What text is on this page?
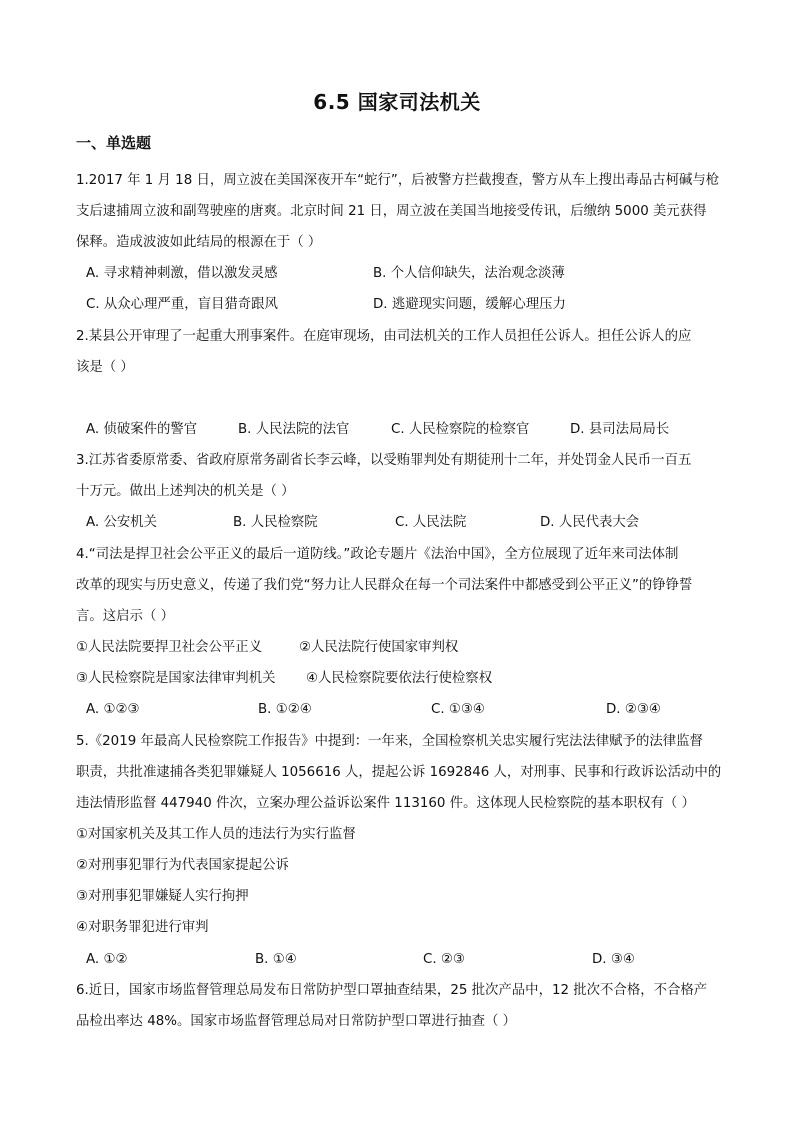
6.5 国家司法机关
一、单选题
1.2017 年 1 月 18 日，周立波在美国深夜开车“蛇行”，后被警方拦截搜查，警方从车上搜出毒品古柯碱与枪
支后逮捕周立波和副驾驶座的唐爽。北京时间 21 日，周立波在美国当地接受传讯，后缴纳 5000 美元获得
保释。造成波波如此结局的根源在于（ ）
A. 寻求精神刺激，借以激发灵感	B. 个人信仰缺失，法治观念淡薄
C. 从众心理严重，盲目猎奇跟风	D. 逃避现实问题，缓解心理压力
2.某县公开审理了一起重大刑事案件。在庭审现场，由司法机关的工作人员担任公诉人。担任公诉人的应
该是（ ）
A. 侦破案件的警官	B. 人民法院的法官	C. 人民检察院的检察官	D. 县司法局局长
3.江苏省委原常委、省政府原常务副省长李云峰，以受贿罪判处有期徒刑十二年，并处罚金人民币一百五
十万元。做出上述判决的机关是（ ）
A. 公安机关	B. 人民检察院	C. 人民法院	D. 人民代表大会
4.“司法是捍卫社会公平正义的最后一道防线。”政论专题片《法治中国》，全方位展现了近年来司法体制
改革的现实与历史意义，传递了我们党“努力让人民群众在每一个司法案件中都感受到公平正义”的铮铮誓
言。这启示（ ）
①人民法院要捍卫社会公平正义	②人民法院行使国家审判权
③人民检察院是国家法律审判机关 ④人民检察院要依法行使检察权
A. ①②③	B. ①②④	C. ①③④	D. ②③④
5.《2019 年最高人民检察院工作报告》中提到：一年来，全国检察机关忠实履行宪法法律赋予的法律监督
职责，共批准逮捕各类犯罪嫌疑人 1056616 人，提起公诉 1692846 人，对刑事、民事和行政诉讼活动中的
违法情形监督 447940 件次，立案办理公益诉讼案件 113160 件。这体现人民检察院的基本职权有（ ）
①对国家机关及其工作人员的违法行为实行监督
②对刑事犯罪行为代表国家提起公诉
③对刑事犯罪嫌疑人实行拘押
④对职务罪犯进行审判
A. ①②	B. ①④	C. ②③	D. ③④
6.近日，国家市场监督管理总局发布日常防护型口罩抽查结果，25 批次产品中，12 批次不合格，不合格产
品检出率达 48%。国家市场监督管理总局对日常防护型口罩进行抽查（ ）
